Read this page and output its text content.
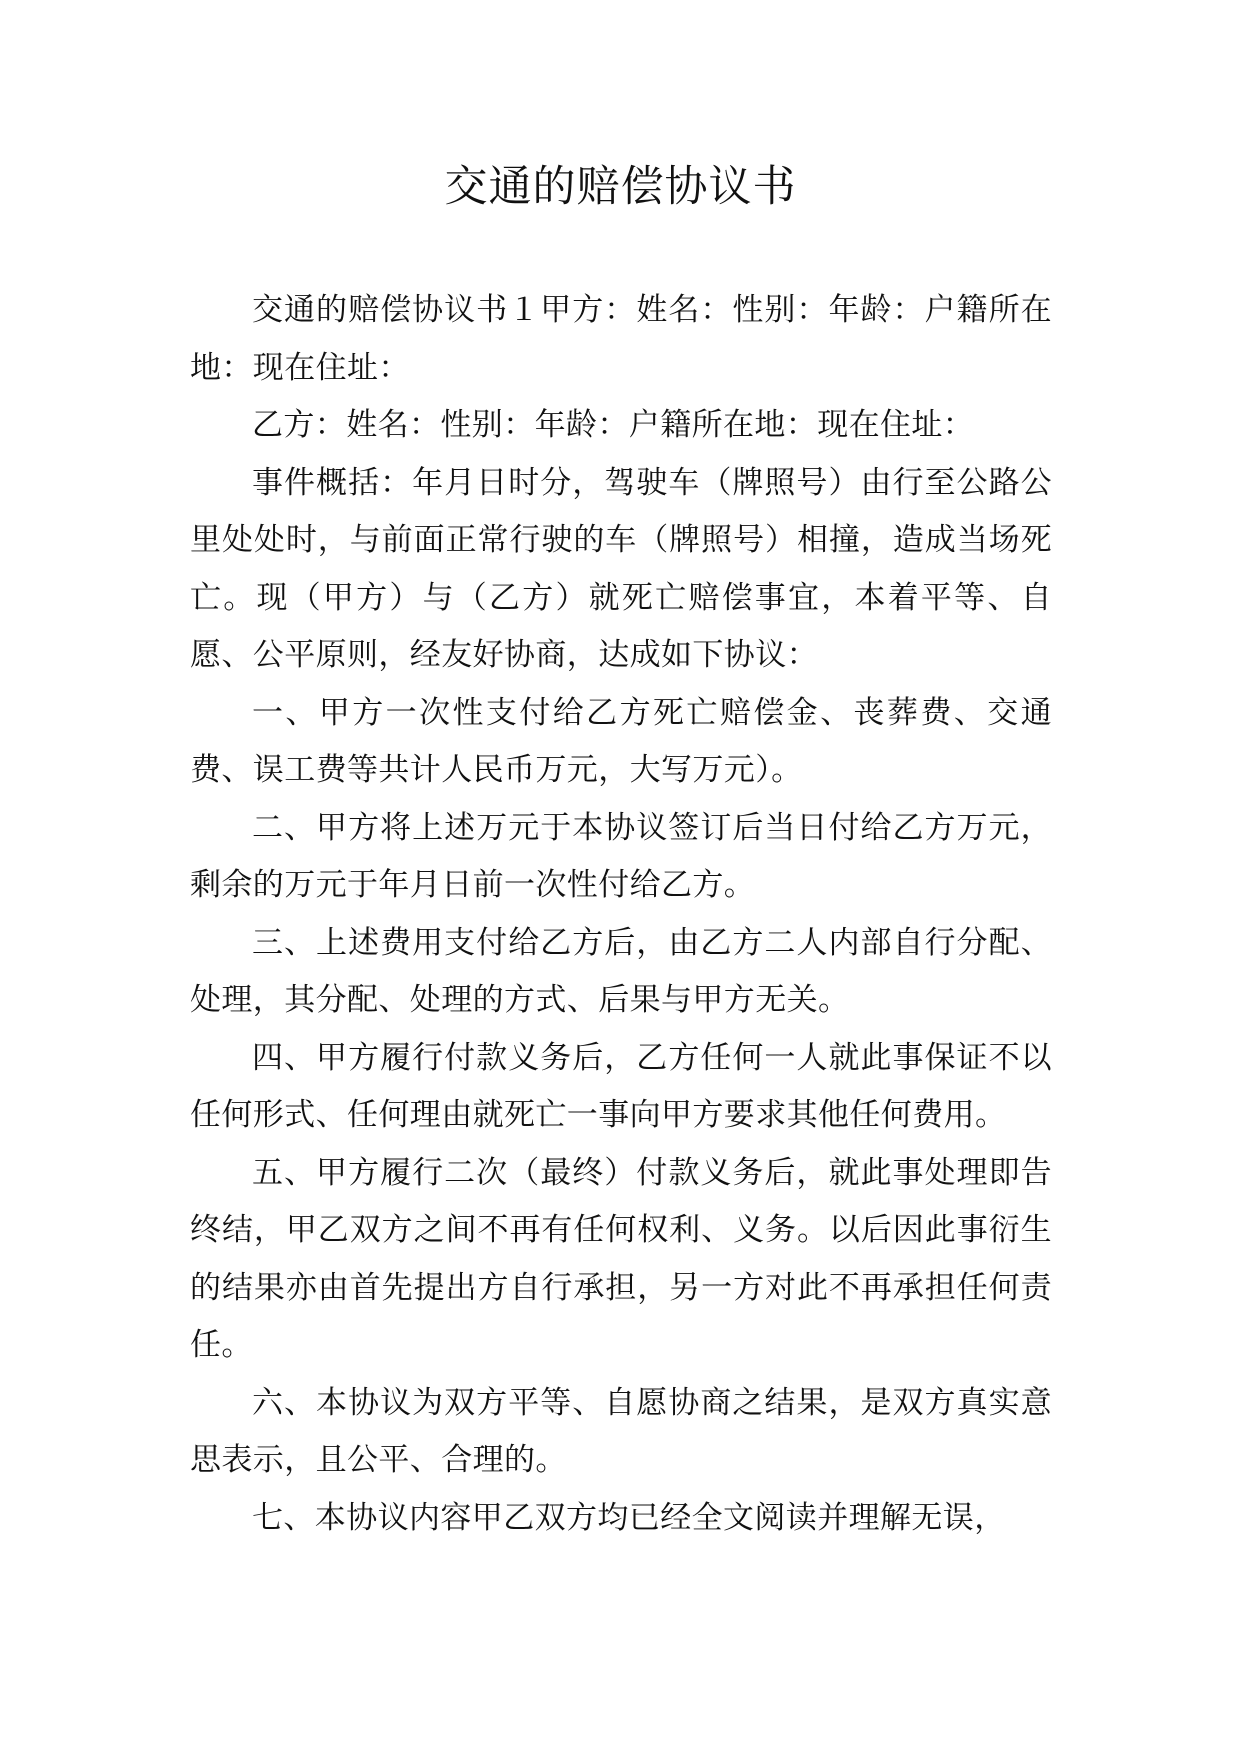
交通的赔偿协议书

交通的赔偿协议书１甲方：姓名：性别：年龄：户籍所在地：现在住址：

乙方：姓名：性别：年龄：户籍所在地：现在住址：

事件概括：年月日时分，驾驶车（牌照号）由行至公路公里处处时，与前面正常行驶的车（牌照号）相撞，造成当场死亡。现（甲方）与（乙方）就死亡赔偿事宜，本着平等、自愿、公平原则，经友好协商，达成如下协议：

一、甲方一次性支付给乙方死亡赔偿金、丧葬费、交通费、误工费等共计人民币万元，大写万元）。

二、甲方将上述万元于本协议签订后当日付给乙方万元，剩余的万元于年月日前一次性付给乙方。

三、上述费用支付给乙方后，由乙方二人内部自行分配、处理，其分配、处理的方式、后果与甲方无关。

四、甲方履行付款义务后，乙方任何一人就此事保证不以任何形式、任何理由就死亡一事向甲方要求其他任何费用。

五、甲方履行二次（最终）付款义务后，就此事处理即告终结，甲乙双方之间不再有任何权利、义务。以后因此事衍生的结果亦由首先提出方自行承担，另一方对此不再承担任何责任。

六、本协议为双方平等、自愿协商之结果，是双方真实意思表示，且公平、合理的。

七、本协议内容甲乙双方均已经全文阅读并理解无误，
